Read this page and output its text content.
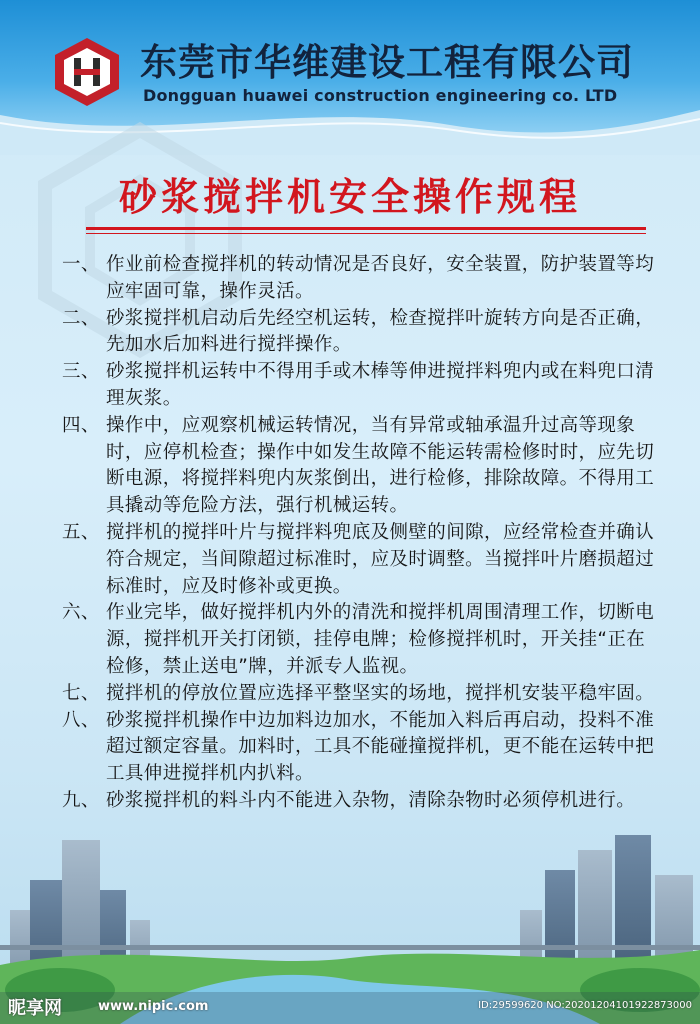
东莞市华维建设工程有限公司

Dongguan huawei construction engineering co. LTD

砂浆搅拌机安全操作规程
一、 作业前检查搅拌机的转动情况是否良好，安全装置，防护装置等均应牢固可靠，操作灵活。
二、 砂浆搅拌机启动后先经空机运转，检查搅拌叶旋转方向是否正确，先加水后加料进行搅拌操作。
三、 砂浆搅拌机运转中不得用手或木棒等伸进搅拌料兜内或在料兜口清理灰浆。
四、 操作中，应观察机械运转情况，当有异常或轴承温升过高等现象时，应停机检查；操作中如发生故障不能运转需检修时时，应先切断电源，将搅拌料兜内灰浆倒出，进行检修，排除故障。不得用工具撬动等危险方法，强行机械运转。
五、 搅拌机的搅拌叶片与搅拌料兜底及侧壁的间隙，应经常检查并确认符合规定，当间隙超过标准时，应及时调整。当搅拌叶片磨损超过标准时，应及时修补或更换。
六、 作业完毕，做好搅拌机内外的清洗和搅拌机周围清理工作，切断电源，搅拌机开关打闭锁，挂停电牌；检修搅拌机时，开关挂“正在检修，禁止送电”牌，并派专人监视。
七、 搅拌机的停放位置应选择平整坚实的场地，搅拌机安装平稳牢固。
八、 砂浆搅拌机操作中边加料边加水，不能加入料后再启动，投料不准超过额定容量。加料时，工具不能碰撞搅拌机，更不能在运转中把工具伸进搅拌机内扒料。
九、 砂浆搅拌机的料斗内不能进入杂物，清除杂物时必须停机进行。
昵享网	www.nipic.com	ID:29599620 NO:20201204101922873000
